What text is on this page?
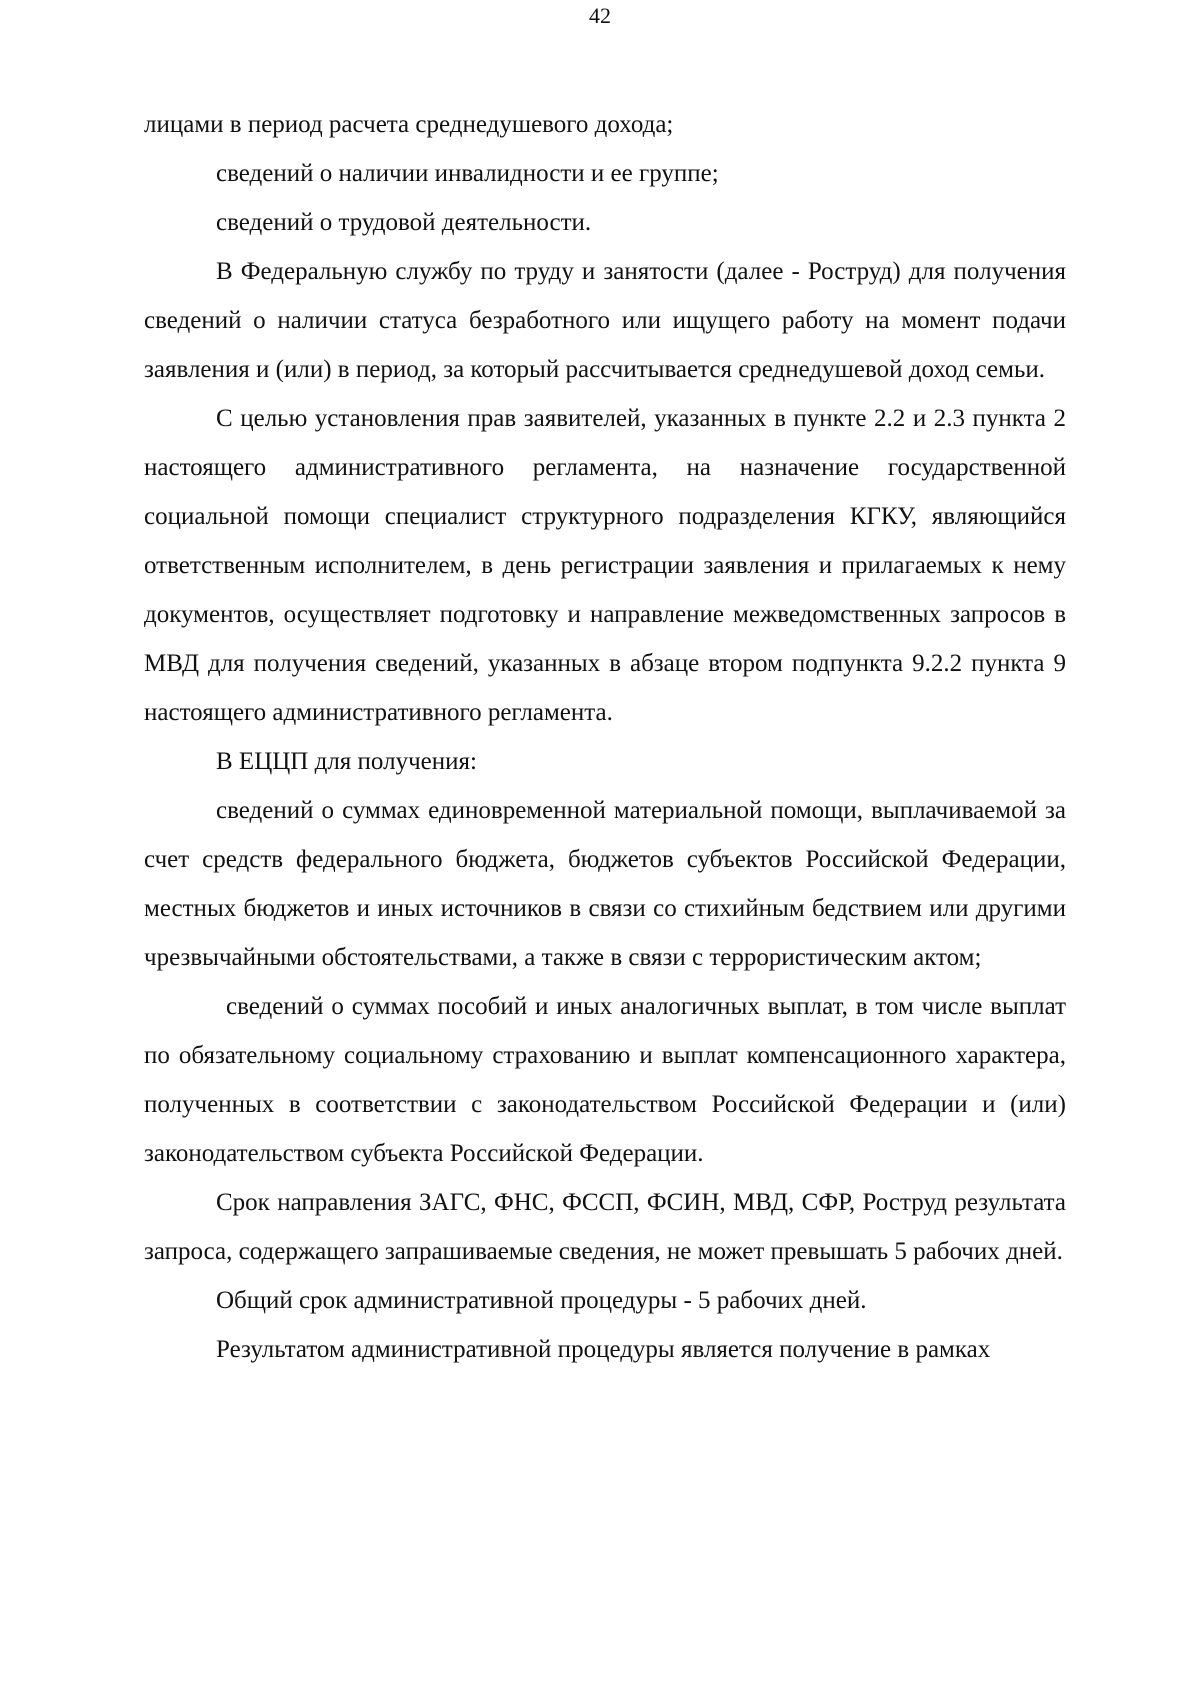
42

лицами в период расчета среднедушевого дохода;

сведений о наличии инвалидности и ее группе;

сведений о трудовой деятельности.

В Федеральную службу по труду и занятости (далее - Роструд) для получения сведений о наличии статуса безработного или ищущего работу на момент подачи заявления и (или) в период, за который рассчитывается среднедушевой доход семьи.

С целью установления прав заявителей, указанных в пункте 2.2 и 2.3 пункта 2 настоящего административного регламента, на назначение государственной социальной помощи специалист структурного подразделения КГКУ, являющийся ответственным исполнителем, в день регистрации заявления и прилагаемых к нему документов, осуществляет подготовку и направление межведомственных запросов в МВД для получения сведений, указанных в абзаце втором подпункта 9.2.2 пункта 9 настоящего административного регламента.

В ЕЦЦП для получения:

сведений о суммах единовременной материальной помощи, выплачиваемой за счет средств федерального бюджета, бюджетов субъектов Российской Федерации, местных бюджетов и иных источников в связи со стихийным бедствием или другими чрезвычайными обстоятельствами, а также в связи с террористическим актом;

сведений о суммах пособий и иных аналогичных выплат, в том числе выплат по обязательному социальному страхованию и выплат компенсационного характера, полученных в соответствии с законодательством Российской Федерации и (или) законодательством субъекта Российской Федерации.

Срок направления ЗАГС, ФНС, ФССП, ФСИН, МВД, СФР, Роструд результата запроса, содержащего запрашиваемые сведения, не может превышать 5 рабочих дней.

Общий срок административной процедуры - 5 рабочих дней.

Результатом административной процедуры является получение в рамках
